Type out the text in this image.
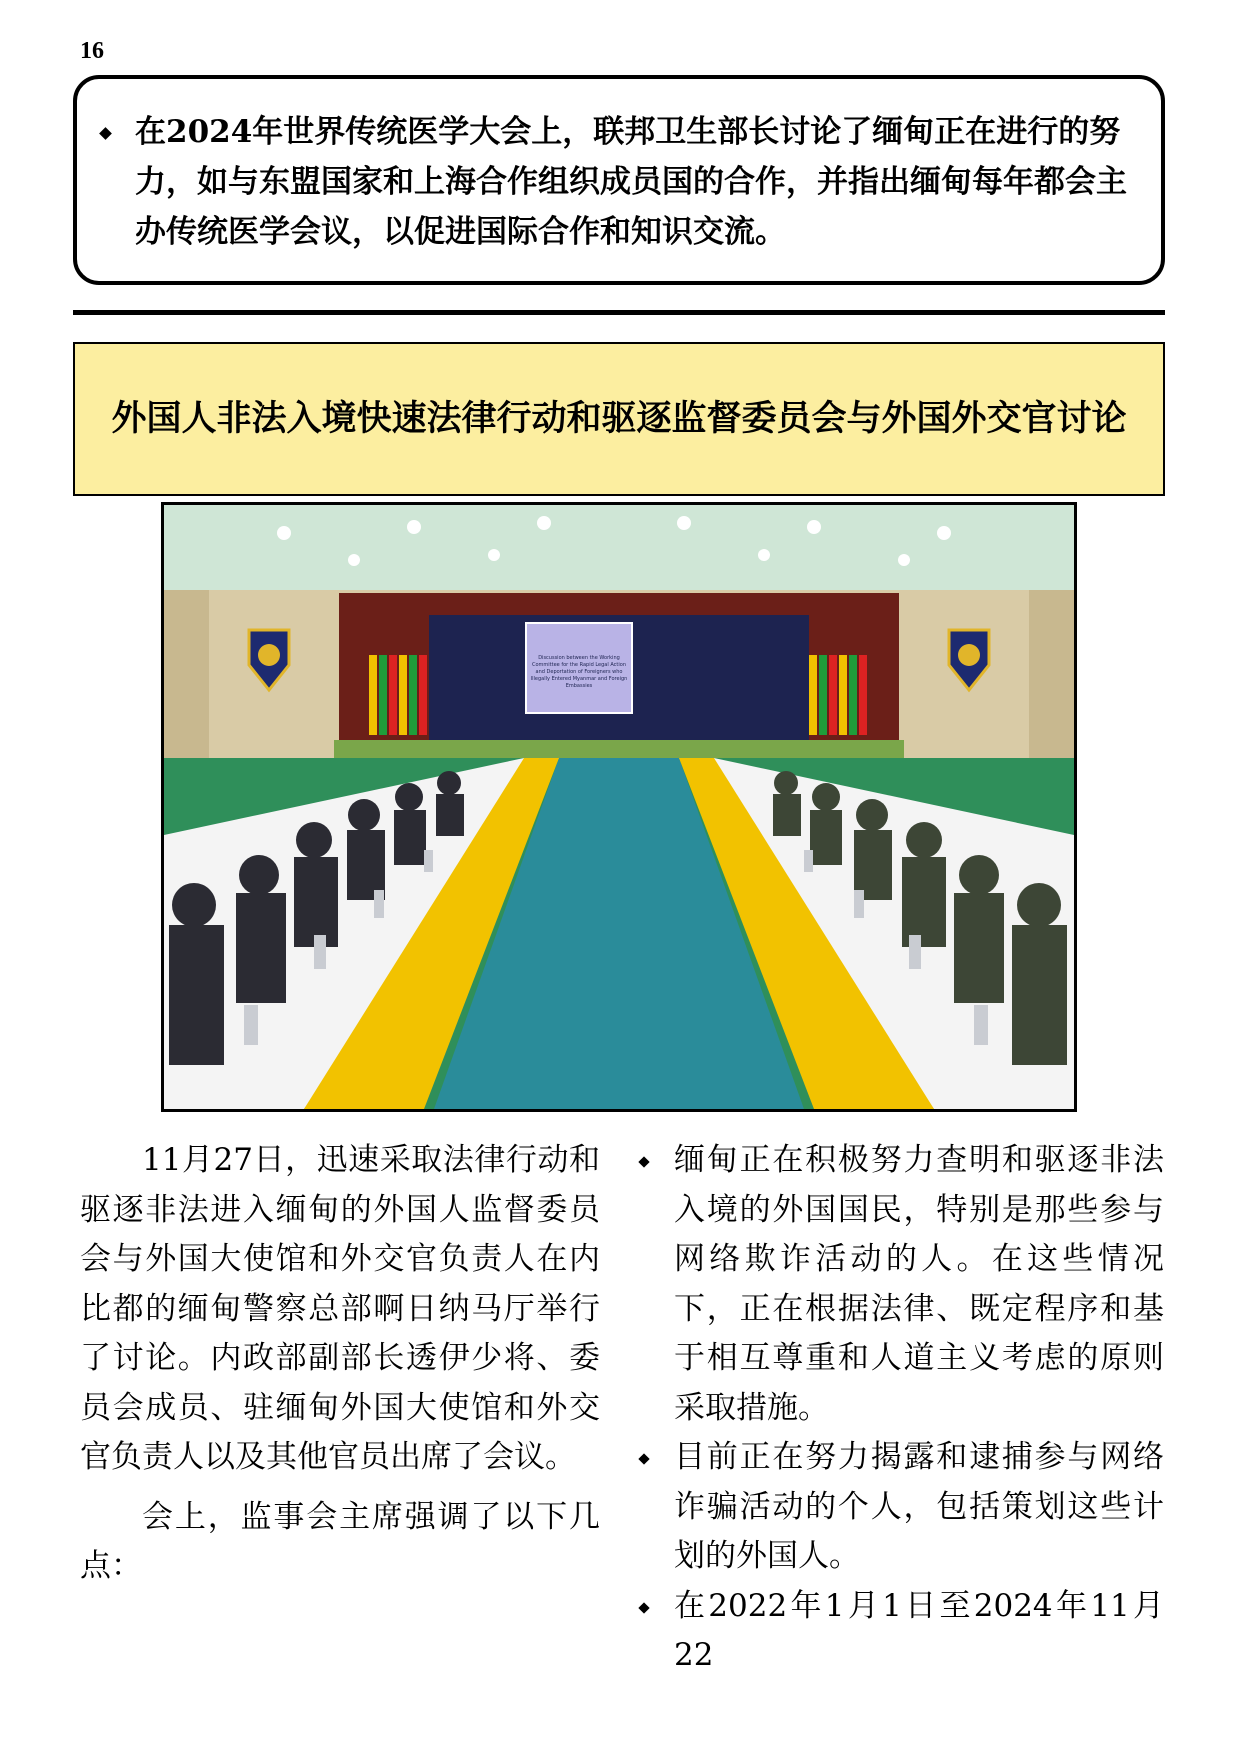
16
在2024年世界传统医学大会上，联邦卫生部长讨论了缅甸正在进行的努力，如与东盟国家和上海合作组织成员国的合作，并指出缅甸每年都会主办传统医学会议，以促进国际合作和知识交流。
外国人非法入境快速法律行动和驱逐监督委员会与外国外交官讨论
Discussion between the Working Committee for the Rapid Legal Action and Deportation of Foreigners who Illegally Entered Myanmar and Foreign Embassies

11月27日，迅速采取法律行动和驱逐非法进入缅甸的外国人监督委员会与外国大使馆和外交官负责人在内比都的缅甸警察总部啊日纳马厅举行了讨论。内政部副部长透伊少将、委员会成员、驻缅甸外国大使馆和外交官负责人以及其他官员出席了会议。

会上，监事会主席强调了以下几点：

缅甸正在积极努力查明和驱逐非法入境的外国国民，特别是那些参与网络欺诈活动的人。在这些情况下，正在根据法律、既定程序和基于相互尊重和人道主义考虑的原则采取措施。
目前正在努力揭露和逮捕参与网络诈骗活动的个人，包括策划这些计划的外国人。
在2022年1月1日至2024年11月22
